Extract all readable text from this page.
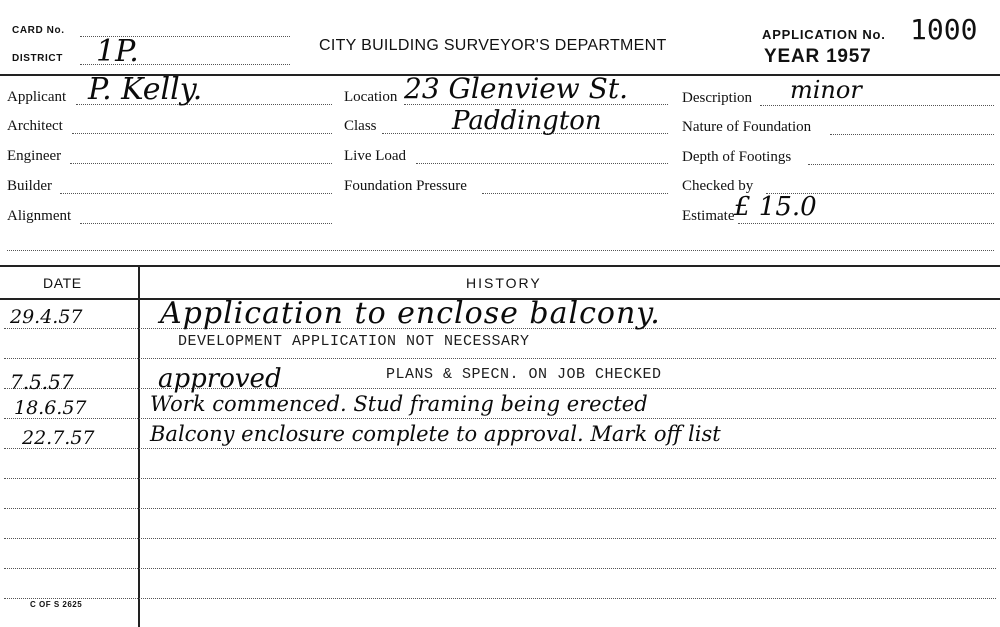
CARD No.
DISTRICT 1P.	CITY BUILDING SURVEYOR'S DEPARTMENT
APPLICATION No. 1000
YEAR 1957
Applicant P. Kelly.
Architect
Engineer
Builder
Alignment
Location 23 Glenview St.
Class	Paddington
Live Load
Foundation Pressure
Description minor
Nature of Foundation
Depth of Footings
Checked by
Estimate £ 15.0
DATE	HISTORY
29.4.57	Application to enclose balcony.
DEVELOPMENT APPLICATION NOT NECESSARY
7.5.57	approved	PLANS & SPECN. ON JOB CHECKED
18.6.57	Work commenced. Stud framing being erected
22.7.57	Balcony enclosure complete to approval. Mark off list
C OF S 2625
